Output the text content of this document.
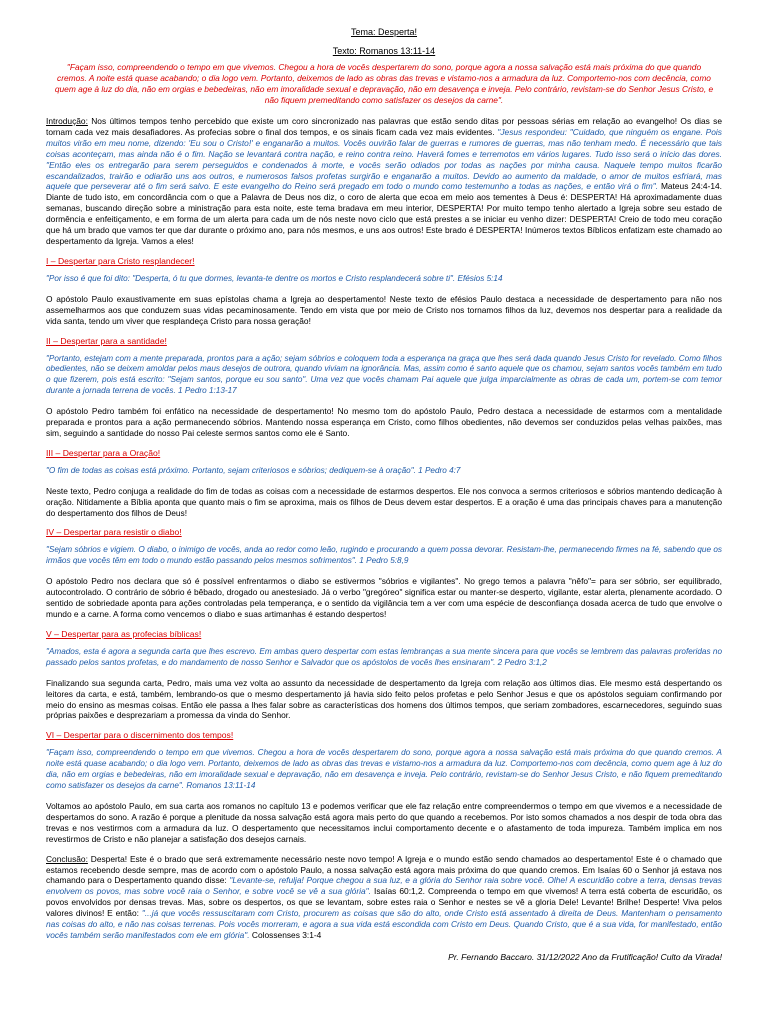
Tema: Desperta!

Texto: Romanos 13:11-14

"Façam isso, compreendendo o tempo em que vivemos. Chegou a hora de vocês despertarem do sono, porque agora a nossa salvação está mais próxima do que quando cremos. A noite está quase acabando; o dia logo vem. Portanto, deixemos de lado as obras das trevas e vistamo-nos a armadura da luz. Comportemo-nos com decência, como quem age à luz do dia, não em orgias e bebedeiras, não em imoralidade sexual e depravação, não em desavença e inveja. Pelo contrário, revistam-se do Senhor Jesus Cristo, e não fiquem premeditando como satisfazer os desejos da carne".

Introdução: Nos últimos tempos tenho percebido que existe um coro sincronizado nas palavras que estão sendo ditas por pessoas sérias em relação ao evangelho! Os dias se tornam cada vez mais desafiadores. As profecias sobre o final dos tempos, e os sinais ficam cada vez mais evidentes. "Jesus respondeu: "Cuidado, que ninguém os engane. Pois muitos virão em meu nome, dizendo: 'Eu sou o Cristo!' e enganarão a muitos. Vocês ouvirão falar de guerras e rumores de guerras, mas não tenham medo. É necessário que tais coisas aconteçam, mas ainda não é o fim. Nação se levantará contra nação, e reino contra reino. Haverá fomes e terremotos em vários lugares. Tudo isso será o início das dores. "Então eles os entregarão para serem perseguidos e condenados à morte, e vocês serão odiados por todas as nações por minha causa. Naquele tempo muitos ficarão escandalizados, trairão e odiarão uns aos outros, e numerosos falsos profetas surgirão e enganarão a muitos. Devido ao aumento da maldade, o amor de muitos esfriará, mas aquele que perseverar até o fim será salvo. E este evangelho do Reino será pregado em todo o mundo como testemunho a todas as nações, e então virá o fim". Mateus 24:4-14. Diante de tudo isto, em concordância com o que a Palavra de Deus nos diz, o coro de alerta que ecoa em meio aos tementes à Deus é: DESPERTA! Há aproximadamente duas semanas, buscando direção sobre a ministração para esta noite, este tema bradava em meu interior, DESPERTA! Por muito tempo tenho alertado a Igreja sobre seu estado de dormência e enfeitiçamento, e em forma de um alerta para cada um de nós neste novo ciclo que está prestes a se iniciar eu venho dizer: DESPERTA! Creio de todo meu coração que há um brado que vamos ter que dar durante o próximo ano, para nós mesmos, e uns aos outros! Este brado é DESPERTA! Inúmeros textos Bíblicos enfatizam este chamado ao despertamento da Igreja. Vamos a eles!

I – Despertar para Cristo resplandecer!

"Por isso é que foi dito: "Desperta, ó tu que dormes, levanta-te dentre os mortos e Cristo resplandecerá sobre ti". Efésios 5:14

O apóstolo Paulo exaustivamente em suas epístolas chama a Igreja ao despertamento! Neste texto de efésios Paulo destaca a necessidade de despertamento para não nos assemelharmos aos que conduzem suas vidas pecaminosamente. Tendo em vista que por meio de Cristo nos tornamos filhos da luz, devemos nos despertar para a realidade da vida santa, tendo um viver que resplandeça Cristo para nossa geração!

II – Despertar para a santidade!

"Portanto, estejam com a mente preparada, prontos para a ação; sejam sóbrios e coloquem toda a esperança na graça que lhes será dada quando Jesus Cristo for revelado. Como filhos obedientes, não se deixem amoldar pelos maus desejos de outrora, quando viviam na ignorância. Mas, assim como é santo aquele que os chamou, sejam santos vocês também em tudo o que fizerem, pois está escrito: "Sejam santos, porque eu sou santo". Uma vez que vocês chamam Pai aquele que julga imparcialmente as obras de cada um, portem-se com temor durante a jornada terrena de vocês. 1 Pedro 1:13-17

O apóstolo Pedro também foi enfático na necessidade de despertamento! No mesmo tom do apóstolo Paulo, Pedro destaca a necessidade de estarmos com a mentalidade preparada e prontos para a ação permanecendo sóbrios. Mantendo nossa esperança em Cristo, como filhos obedientes, não devemos ser conduzidos pelas velhas paixões, mas sim, seguindo a santidade do nosso Pai celeste sermos santos como ele é Santo.

III – Despertar para a Oração!

"O fim de todas as coisas está próximo. Portanto, sejam criteriosos e sóbrios; dediquem-se à oração". 1 Pedro 4:7

Neste texto, Pedro conjuga a realidade do fim de todas as coisas com a necessidade de estarmos despertos. Ele nos convoca a sermos criteriosos e sóbrios mantendo dedicação à oração. Nitidamente a Bíblia aponta que quanto mais o fim se aproxima, mais os filhos de Deus devem estar despertos. E a oração é uma das principais chaves para a manutenção do despertamento dos filhos de Deus!

IV – Despertar para resistir o diabo!

"Sejam sóbrios e vigiem. O diabo, o inimigo de vocês, anda ao redor como leão, rugindo e procurando a quem possa devorar. Resistam-lhe, permanecendo firmes na fé, sabendo que os irmãos que vocês têm em todo o mundo estão passando pelos mesmos sofrimentos". 1 Pedro 5:8,9

O apóstolo Pedro nos declara que só é possível enfrentarmos o diabo se estivermos "sóbrios e vigilantes". No grego temos a palavra "nêfo"= para ser sóbrio, ser equilibrado, autocontrolado. O contrário de sóbrio é bêbado, drogado ou anestesiado. Já o verbo "gregóreo" significa estar ou manter-se desperto, vigilante, estar alerta, plenamente acordado. O sentido de sobriedade aponta para ações controladas pela temperança, e o sentido da vigilância tem a ver com uma espécie de desconfiança dosada acerca de tudo que envolve o mundo e a carne. A forma como vencemos o diabo e suas artimanhas é estando despertos!

V – Despertar para as profecias bíblicas!

"Amados, esta é agora a segunda carta que lhes escrevo. Em ambas quero despertar com estas lembranças a sua mente sincera para que vocês se lembrem das palavras proferidas no passado pelos santos profetas, e do mandamento de nosso Senhor e Salvador que os apóstolos de vocês lhes ensinaram". 2 Pedro 3:1,2

Finalizando sua segunda carta, Pedro, mais uma vez volta ao assunto da necessidade de despertamento da Igreja com relação aos últimos dias. Ele mesmo está despertando os leitores da carta, e está, também, lembrando-os que o mesmo despertamento já havia sido feito pelos profetas e pelo Senhor Jesus e que os apóstolos seguiam confirmando por meio do ensino as mesmas coisas. Então ele passa a lhes falar sobre as características dos homens dos últimos tempos, que seriam zombadores, escarnecedores, seguindo suas próprias paixões e desprezariam a promessa da vinda do Senhor.

VI – Despertar para o discernimento dos tempos!

"Façam isso, compreendendo o tempo em que vivemos. Chegou a hora de vocês despertarem do sono, porque agora a nossa salvação está mais próxima do que quando cremos. A noite está quase acabando; o dia logo vem. Portanto, deixemos de lado as obras das trevas e vistamo-nos a armadura da luz. Comportemo-nos com decência, como quem age à luz do dia, não em orgias e bebedeiras, não em imoralidade sexual e depravação, não em desavença e inveja. Pelo contrário, revistam-se do Senhor Jesus Cristo, e não fiquem premeditando como satisfazer os desejos da carne". Romanos 13:11-14

Voltamos ao apóstolo Paulo, em sua carta aos romanos no capítulo 13 e podemos verificar que ele faz relação entre compreendermos o tempo em que vivemos e a necessidade de despertamos do sono. A razão é porque a plenitude da nossa salvação está agora mais perto do que quando a recebemos. Por isto somos chamados a nos despir de toda obra das trevas e nos vestirmos com a armadura da luz. O despertamento que necessitamos inclui comportamento decente e o afastamento de toda impureza. Também implica em nos revestirmos de Cristo e não planejar a satisfação dos desejos carnais.

Conclusão: Desperta! Este é o brado que será extremamente necessário neste novo tempo! A Igreja e o mundo estão sendo chamados ao despertamento! Este é o chamado que estamos recebendo desde sempre, mas de acordo com o apóstolo Paulo, a nossa salvação está agora mais próxima do que quando cremos. Em Isaías 60 o Senhor já estava nos chamando para o Despertamento quando disse: "Levante-se, refulja! Porque chegou a sua luz, e a glória do Senhor raia sobre você. Olhe! A escuridão cobre a terra, densas trevas envolvem os povos, mas sobre você raia o Senhor, e sobre você se vê a sua glória". Isaías 60:1,2. Compreenda o tempo em que vivemos! A terra está coberta de escuridão, os povos envolvidos por densas trevas. Mas, sobre os despertos, os que se levantam, sobre estes raia o Senhor e nestes se vê a gloria Dele! Levante! Brilhe! Desperte! Viva pelos valores divinos! E então: "...já que vocês ressuscitaram com Cristo, procurem as coisas que são do alto, onde Cristo está assentado à direita de Deus. Mantenham o pensamento nas coisas do alto, e não nas coisas terrenas. Pois vocês morreram, e agora a sua vida está escondida com Cristo em Deus. Quando Cristo, que é a sua vida, for manifestado, então vocês também serão manifestados com ele em glória". Colossenses 3:1-4

Pr. Fernando Baccaro. 31/12/2022 Ano da Frutificação! Culto da Virada!
